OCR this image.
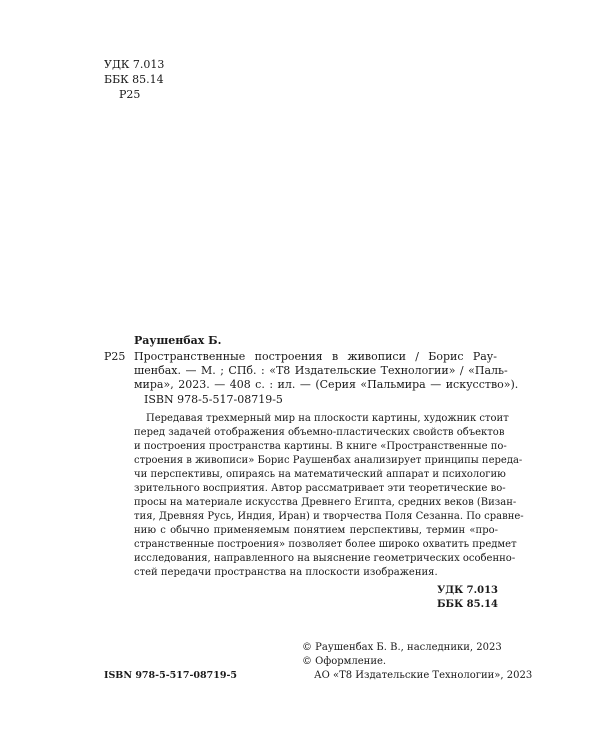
УДК 7.013
ББК 85.14
Р25
Раушенбах Б.
Р25 Пространственные построения в живописи / Борис Рау-
шенбах. — М. ; СПб. : «Т8 Издательские Технологии» / «Паль-
мира», 2023. — 408 с. : ил. — (Серия «Пальмира — искусство»).
ISBN 978-5-517-08719-5
Передавая трехмерный мир на плоскости картины, художник стоит
перед задачей отображения объемно-пластических свойств объектов
и построения пространства картины. В книге «Пространственные по-
строения в живописи» Борис Раушенбах анализирует принципы переда-
чи перспективы, опираясь на математический аппарат и психологию
зрительного восприятия. Автор рассматривает эти теоретические во-
просы на материале искусства Древнего Египта, средних веков (Визан-
тия, Древняя Русь, Индия, Иран) и творчества Поля Сезанна. По сравне-
нию с обычно применяемым понятием перспективы, термин «про-
странственные построения» позволяет более широко охватить предмет
исследования, направленного на выяснение геометрических особенно-
стей передачи пространства на плоскости изображения.
УДК 7.013
ББК 85.14
© Раушенбах Б. В., наследники, 2023
© Оформление.
АО «Т8 Издательские Технологии», 2023
ISBN 978-5-517-08719-5
